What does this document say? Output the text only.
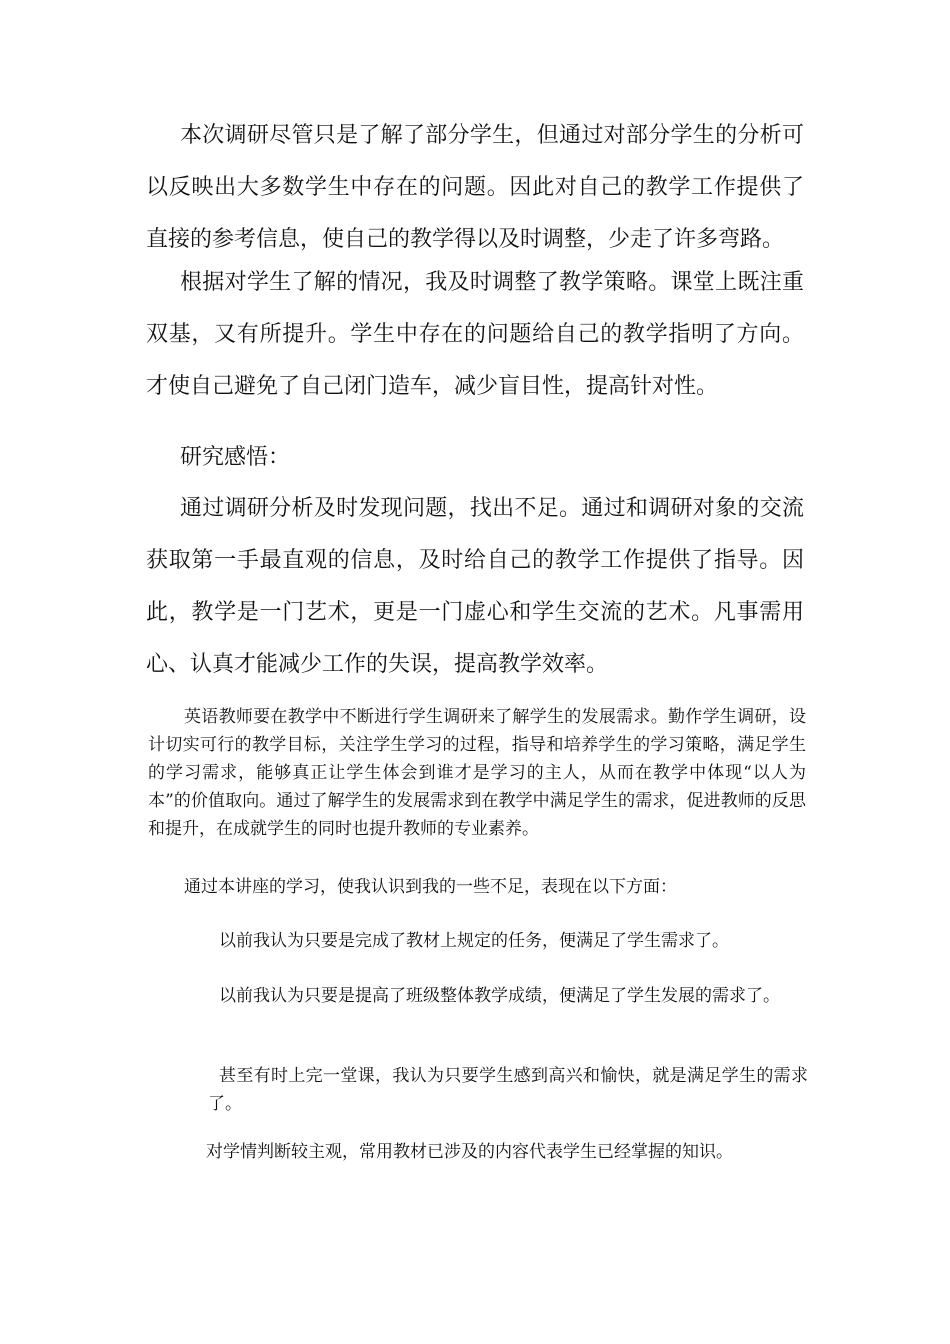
本次调研尽管只是了解了部分学生，但通过对部分学生的分析可以反映出大多数学生中存在的问题。因此对自己的教学工作提供了直接的参考信息，使自己的教学得以及时调整，少走了许多弯路。

根据对学生了解的情况，我及时调整了教学策略。课堂上既注重双基，又有所提升。学生中存在的问题给自己的教学指明了方向。才使自己避免了自己闭门造车，减少盲目性，提高针对性。

研究感悟：

通过调研分析及时发现问题，找出不足。通过和调研对象的交流获取第一手最直观的信息，及时给自己的教学工作提供了指导。因此，教学是一门艺术，更是一门虚心和学生交流的艺术。凡事需用心、认真才能减少工作的失误，提高教学效率。

英语教师要在教学中不断进行学生调研来了解学生的发展需求。勤作学生调研，设计切实可行的教学目标，关注学生学习的过程，指导和培养学生的学习策略，满足学生的学习需求，能够真正让学生体会到谁才是学习的主人，从而在教学中体现“以人为本”的价值取向。通过了解学生的发展需求到在教学中满足学生的需求，促进教师的反思和提升，在成就学生的同时也提升教师的专业素养。

通过本讲座的学习，使我认识到我的一些不足，表现在以下方面：

以前我认为只要是完成了教材上规定的任务，便满足了学生需求了。

以前我认为只要是提高了班级整体教学成绩，便满足了学生发展的需求了。

甚至有时上完一堂课，我认为只要学生感到高兴和愉快，就是满足学生的需求了。

对学情判断较主观，常用教材已涉及的内容代表学生已经掌握的知识。
